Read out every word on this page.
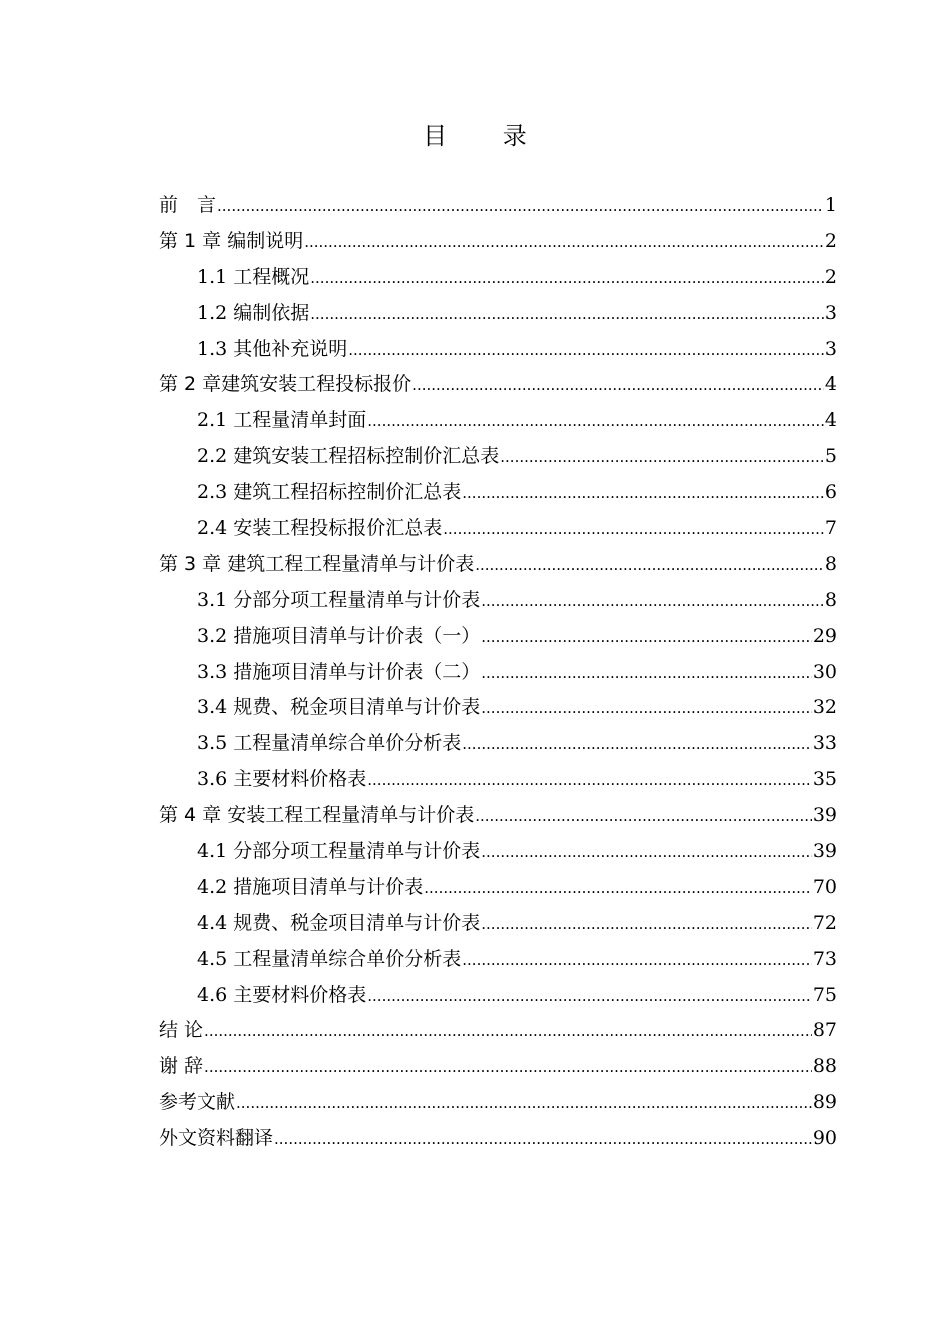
目 录
前　言 .....	1
第 1 章 编制说明 .....	2
1.1 工程概况 .....	2
1.2 编制依据 .....	3
1.3 其他补充说明 .....	3
第 2 章建筑安装工程投标报价 .....	4
2.1 工程量清单封面 .....	4
2.2 建筑安装工程招标控制价汇总表 .....	5
2.3 建筑工程招标控制价汇总表 .....	6
2.4 安装工程投标报价汇总表 .....	7
第 3 章 建筑工程工程量清单与计价表 .....	8
3.1 分部分项工程量清单与计价表 .....	8
3.2 措施项目清单与计价表（一） .....	29
3.3 措施项目清单与计价表（二） .....	30
3.4 规费、税金项目清单与计价表 .....	32
3.5 工程量清单综合单价分析表 .....	33
3.6 主要材料价格表 .....	35
第 4 章 安装工程工程量清单与计价表 .....	39
4.1 分部分项工程量清单与计价表 .....	39
4.2 措施项目清单与计价表 .....	70
4.4 规费、税金项目清单与计价表 .....	72
4.5 工程量清单综合单价分析表 .....	73
4.6 主要材料价格表 .....	75
结 论 .....	87
谢 辞 .....	88
参考文献 .....	89
外文资料翻译 .....	90
